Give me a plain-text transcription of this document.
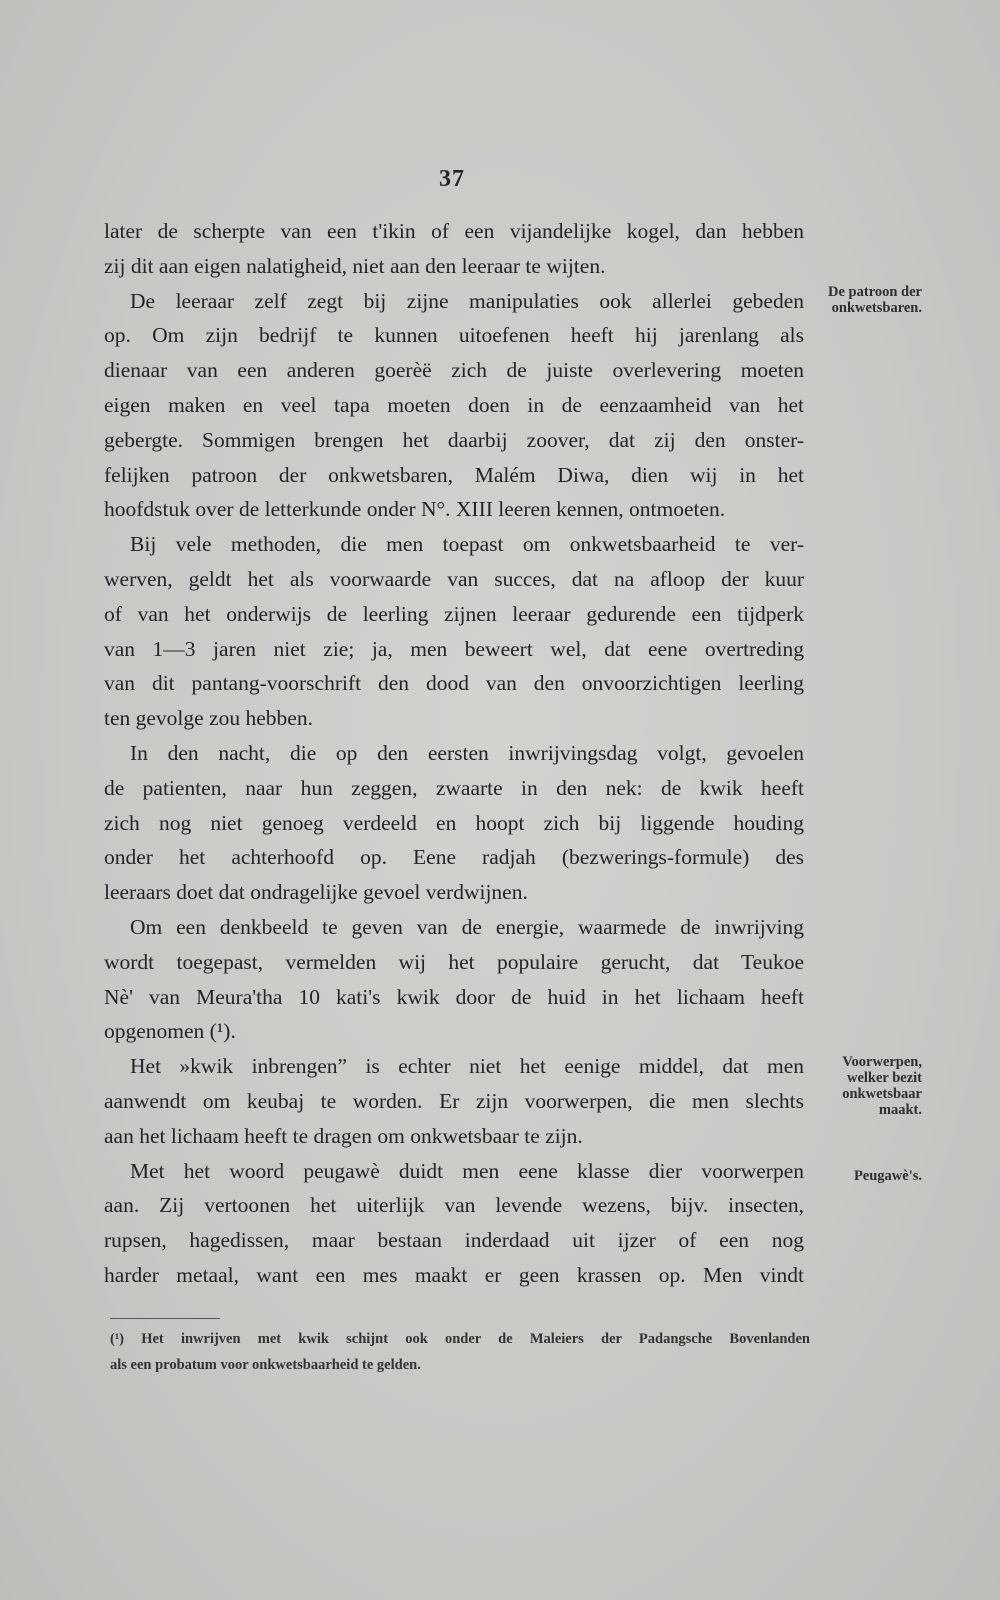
37
later de scherpte van een t'ikin of een vijandelijke kogel, dan hebben
zij dit aan eigen nalatigheid, niet aan den leeraar te wijten.
De leeraar zelf zegt bij zijne manipulaties ook allerlei gebeden
op. Om zijn bedrijf te kunnen uitoefenen heeft hij jarenlang als
dienaar van een anderen goerèë zich de juiste overlevering moeten
eigen maken en veel tapa moeten doen in de eenzaamheid van het
gebergte. Sommigen brengen het daarbij zoover, dat zij den onster-
felijken patroon der onkwetsbaren, Malém Diwa, dien wij in het
hoofdstuk over de letterkunde onder N°. XIII leeren kennen, ontmoeten.
Bij vele methoden, die men toepast om onkwetsbaarheid te ver-
werven, geldt het als voorwaarde van succes, dat na afloop der kuur
of van het onderwijs de leerling zijnen leeraar gedurende een tijdperk
van 1—3 jaren niet zie; ja, men beweert wel, dat eene overtreding
van dit pantang-voorschrift den dood van den onvoorzichtigen leerling
ten gevolge zou hebben.
In den nacht, die op den eersten inwrijvingsdag volgt, gevoelen
de patienten, naar hun zeggen, zwaarte in den nek: de kwik heeft
zich nog niet genoeg verdeeld en hoopt zich bij liggende houding
onder het achterhoofd op. Eene radjah (bezwerings-formule) des
leeraars doet dat ondragelijke gevoel verdwijnen.
Om een denkbeeld te geven van de energie, waarmede de inwrijving
wordt toegepast, vermelden wij het populaire gerucht, dat Teukoe
Nè' van Meura'tha 10 kati's kwik door de huid in het lichaam heeft
opgenomen (¹).
Het »kwik inbrengen” is echter niet het eenige middel, dat men
aanwendt om keubaj te worden. Er zijn voorwerpen, die men slechts
aan het lichaam heeft te dragen om onkwetsbaar te zijn.
Met het woord peugawè duidt men eene klasse dier voorwerpen
aan. Zij vertoonen het uiterlijk van levende wezens, bijv. insecten,
rupsen, hagedissen, maar bestaan inderdaad uit ijzer of een nog
harder metaal, want een mes maakt er geen krassen op. Men vindt
De patroon der onkwetsbaren.
Voorwerpen, welker bezit onkwetsbaar maakt.
Peugawè's.
(¹) Het inwrijven met kwik schijnt ook onder de Maleiers der Padangsche Bovenlanden
als een probatum voor onkwetsbaarheid te gelden.
